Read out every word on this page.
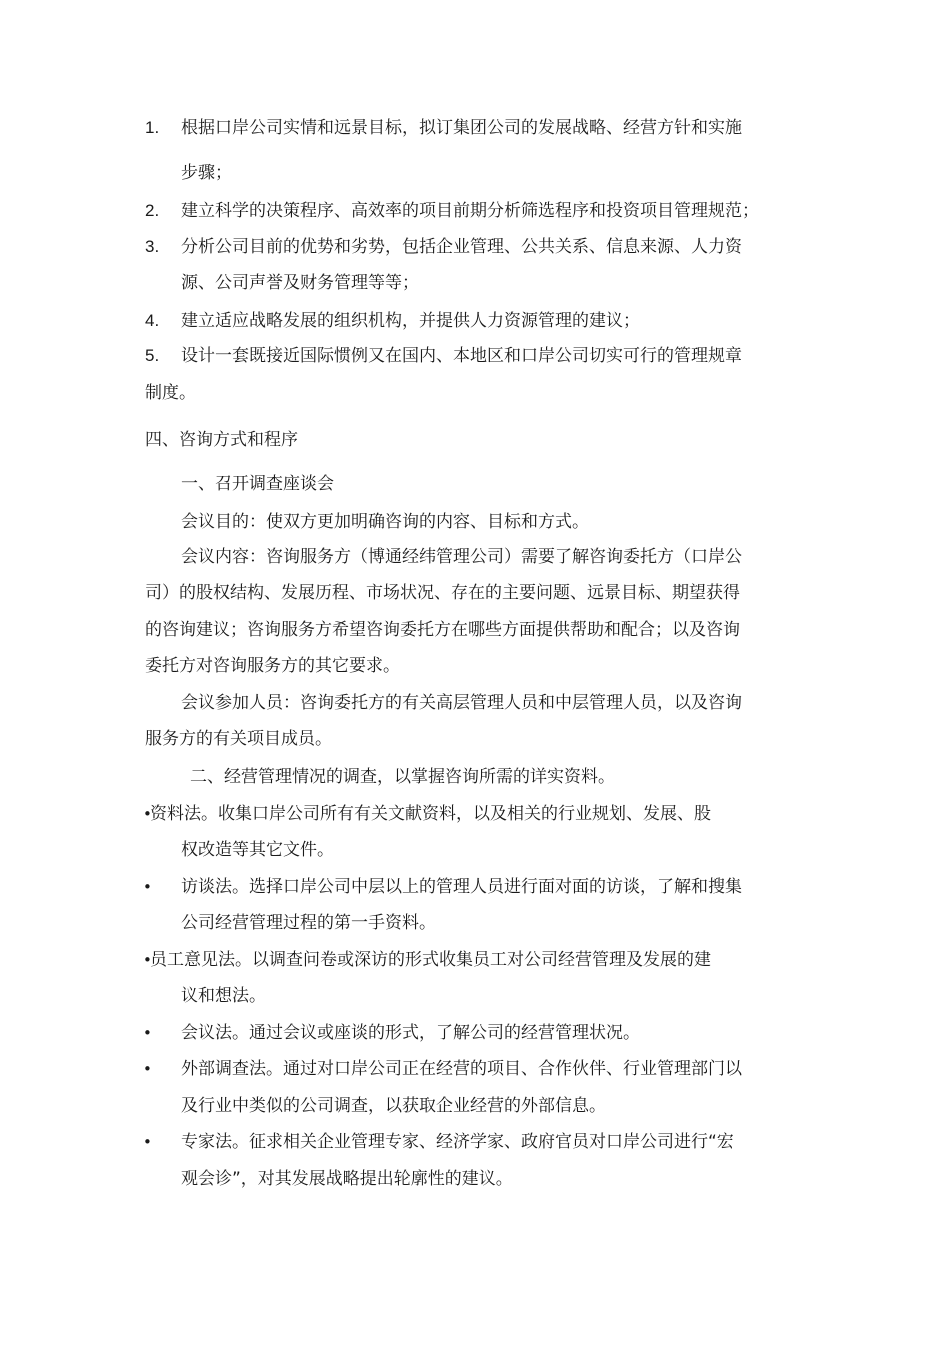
1. 根据口岸公司实情和远景目标，拟订集团公司的发展战略、经营方针和实施
步骤；
2. 建立科学的决策程序、高效率的项目前期分析筛选程序和投资项目管理规范；
3. 分析公司目前的优势和劣势，包括企业管理、公共关系、信息来源、人力资
源、公司声誉及财务管理等等；
4. 建立适应战略发展的组织机构，并提供人力资源管理的建议；
5. 设计一套既接近国际惯例又在国内、本地区和口岸公司切实可行的管理规章
制度。
四、咨询方式和程序
一、召开调查座谈会
会议目的：使双方更加明确咨询的内容、目标和方式。
会议内容：咨询服务方（博通经纬管理公司）需要了解咨询委托方（口岸公
司）的股权结构、发展历程、市场状况、存在的主要问题、远景目标、期望获得
的咨询建议；咨询服务方希望咨询委托方在哪些方面提供帮助和配合；以及咨询
委托方对咨询服务方的其它要求。
会议参加人员：咨询委托方的有关高层管理人员和中层管理人员，以及咨询
服务方的有关项目成员。
二、经营管理情况的调查，以掌握咨询所需的详实资料。
•
资料法。收集口岸公司所有有关文献资料，以及相关的行业规划、发展、股
权改造等其它文件。
• 访谈法。选择口岸公司中层以上的管理人员进行面对面的访谈，了解和搜集
公司经营管理过程的第一手资料。
•
员工意见法。以调查问卷或深访的形式收集员工对公司经营管理及发展的建
议和想法。
• 会议法。通过会议或座谈的形式，了解公司的经营管理状况。
• 外部调查法。通过对口岸公司正在经营的项目、合作伙伴、行业管理部门以
及行业中类似的公司调查，以获取企业经营的外部信息。
• 专家法。征求相关企业管理专家、经济学家、政府官员对口岸公司进行“宏
观会诊”，对其发展战略提出轮廓性的建议。
